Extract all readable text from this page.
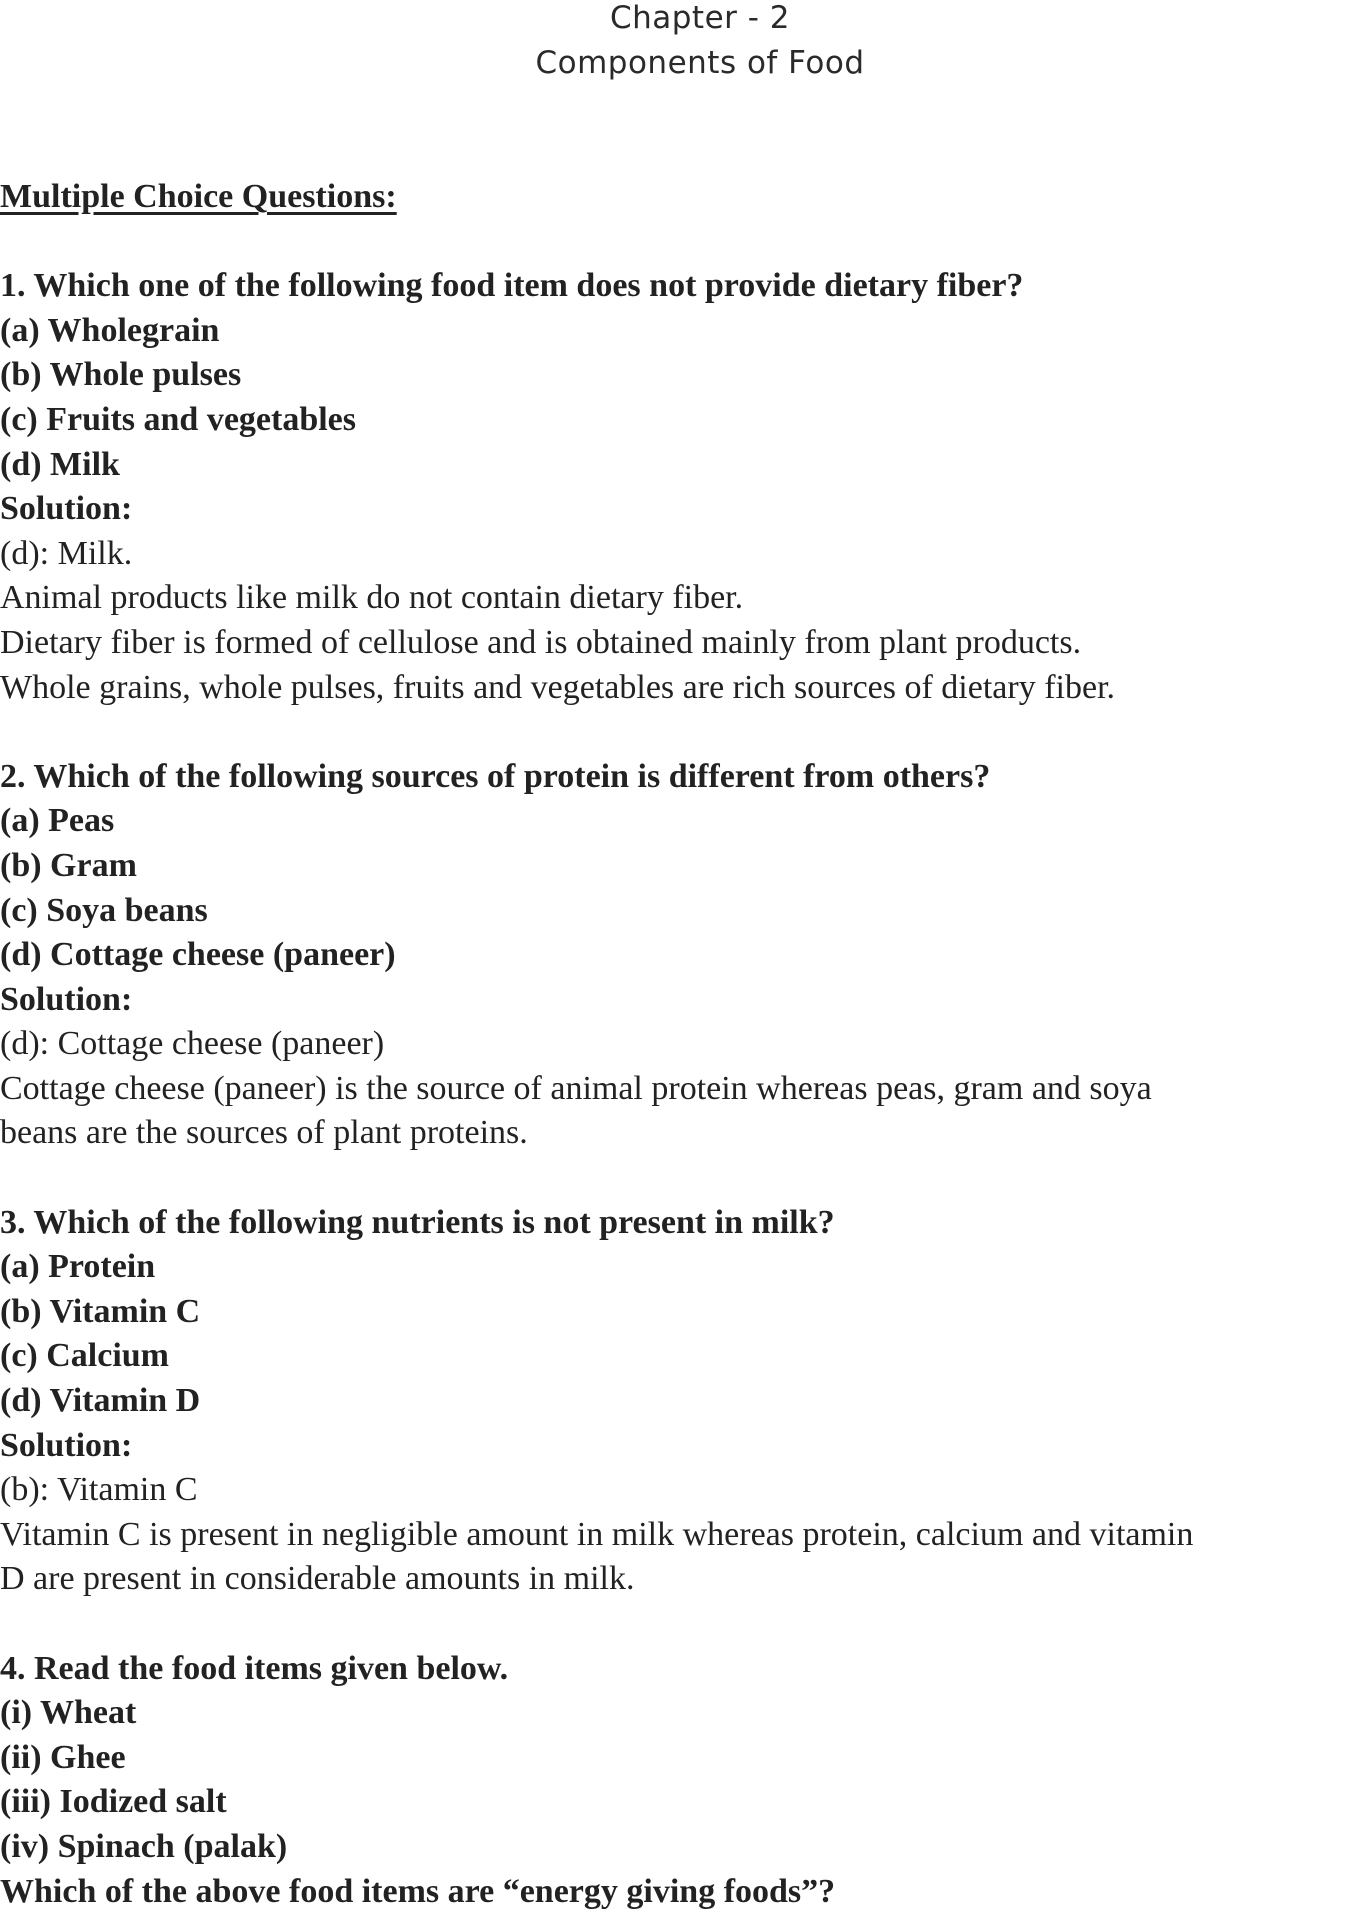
Chapter - 2
Components of Food
Multiple Choice Questions:
1. Which one of the following food item does not provide dietary fiber?
(a) Wholegrain
(b) Whole pulses
(c) Fruits and vegetables
(d) Milk
Solution:
(d): Milk.
Animal products like milk do not contain dietary fiber.
Dietary fiber is formed of cellulose and is obtained mainly from plant products.
Whole grains, whole pulses, fruits and vegetables are rich sources of dietary fiber.
2. Which of the following sources of protein is different from others?
(a) Peas
(b) Gram
(c) Soya beans
(d) Cottage cheese (paneer)
Solution:
(d): Cottage cheese (paneer)
Cottage cheese (paneer) is the source of animal protein whereas peas, gram and soya
beans are the sources of plant proteins.
3. Which of the following nutrients is not present in milk?
(a) Protein
(b) Vitamin C
(c) Calcium
(d) Vitamin D
Solution:
(b): Vitamin C
Vitamin C is present in negligible amount in milk whereas protein, calcium and vitamin
D are present in considerable amounts in milk.
4. Read the food items given below.
(i) Wheat
(ii) Ghee
(iii) Iodized salt
(iv) Spinach (palak)
Which of the above food items are “energy giving foods”?
